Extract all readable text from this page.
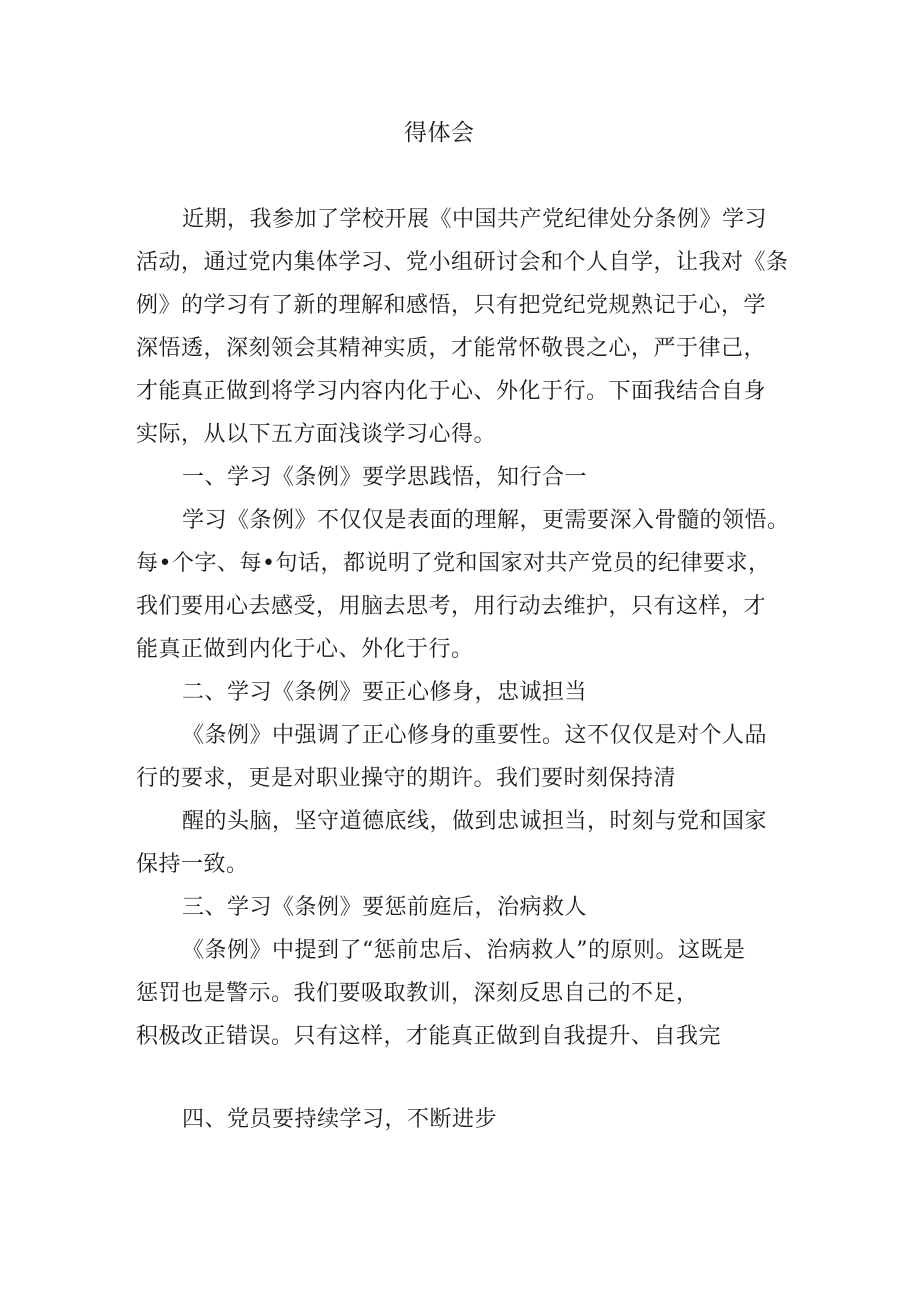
得体会
近期，我参加了学校开展《中国共产党纪律处分条例》学习
活动，通过党内集体学习、党小组研讨会和个人自学，让我对《条
例》的学习有了新的理解和感悟，只有把党纪党规熟记于心，学
深悟透，深刻领会其精神实质，才能常怀敬畏之心，严于律己，
才能真正做到将学习内容内化于心、外化于行。下面我结合自身
实际，从以下五方面浅谈学习心得。
一、学习《条例》要学思践悟，知行合一
学习《条例》不仅仅是表面的理解，更需要深入骨髓的领悟。
每•个字、每•句话，都说明了党和国家对共产党员的纪律要求，
我们要用心去感受，用脑去思考，用行动去维护，只有这样，才
能真正做到内化于心、外化于行。
二、学习《条例》要正心修身，忠诚担当
《条例》中强调了正心修身的重要性。这不仅仅是对个人品
行的要求，更是对职业操守的期许。我们要时刻保持清
醒的头脑，坚守道德底线，做到忠诚担当，时刻与党和国家
保持一致。
三、学习《条例》要惩前庭后，治病救人
《条例》中提到了“惩前忠后、治病救人”的原则。这既是
惩罚也是警示。我们要吸取教训，深刻反思自己的不足，
积极改正错误。只有这样，才能真正做到自我提升、自我完
四、党员要持续学习，不断进步
